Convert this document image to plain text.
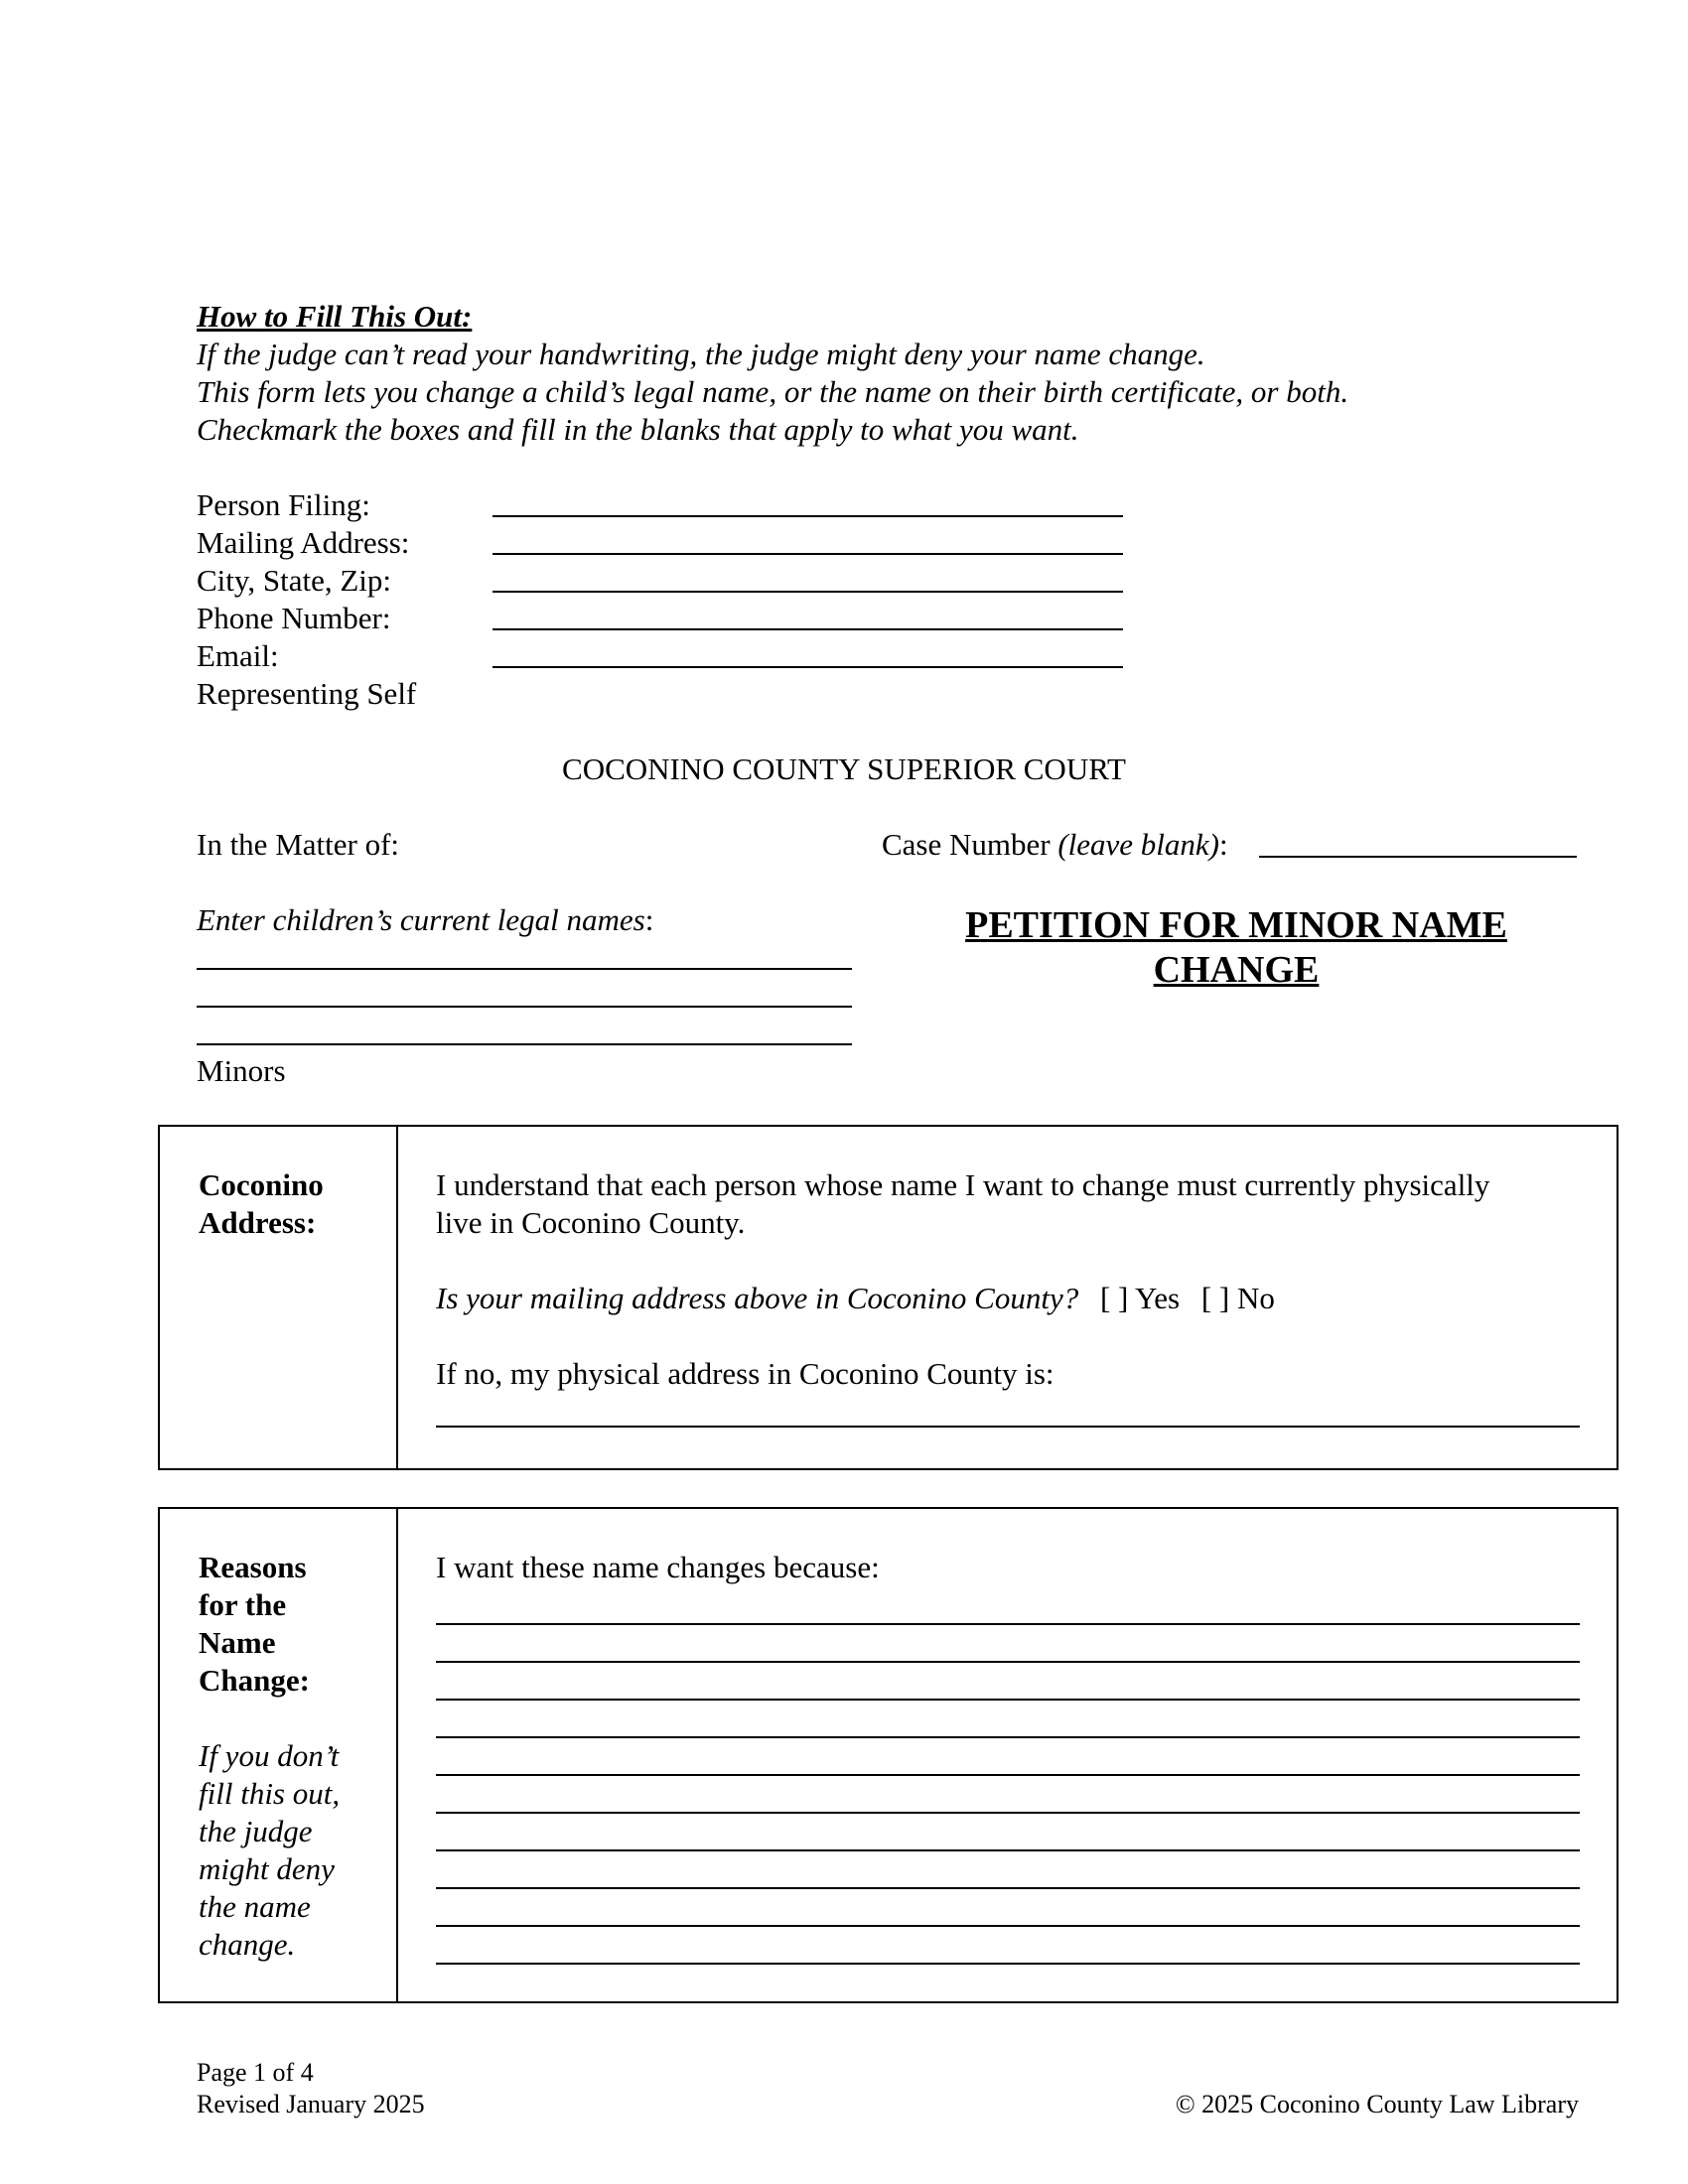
How to Fill This Out:
If the judge can’t read your handwriting, the judge might deny your name change.
This form lets you change a child’s legal name, or the name on their birth certificate, or both.
Checkmark the boxes and fill in the blanks that apply to what you want.
Person Filing:
Mailing Address:
City, State, Zip:
Phone Number:
Email:
Representing Self
COCONINO COUNTY SUPERIOR COURT
In the Matter of:	Case Number (leave blank):
Enter children’s current legal names:
Minors
PETITION FOR MINOR NAME
CHANGE
Coconino
Address:
I understand that each person whose name I want to change must currently physically
live in Coconino County.
Is your mailing address above in Coconino County? [ ] Yes [ ] No
If no, my physical address in Coconino County is:
Reasons
for the
Name
Change:
If you don’t
fill this out,
the judge
might deny
the name
change.
I want these name changes because:
Page 1 of 4
Revised January 2025	© 2025 Coconino County Law Library
